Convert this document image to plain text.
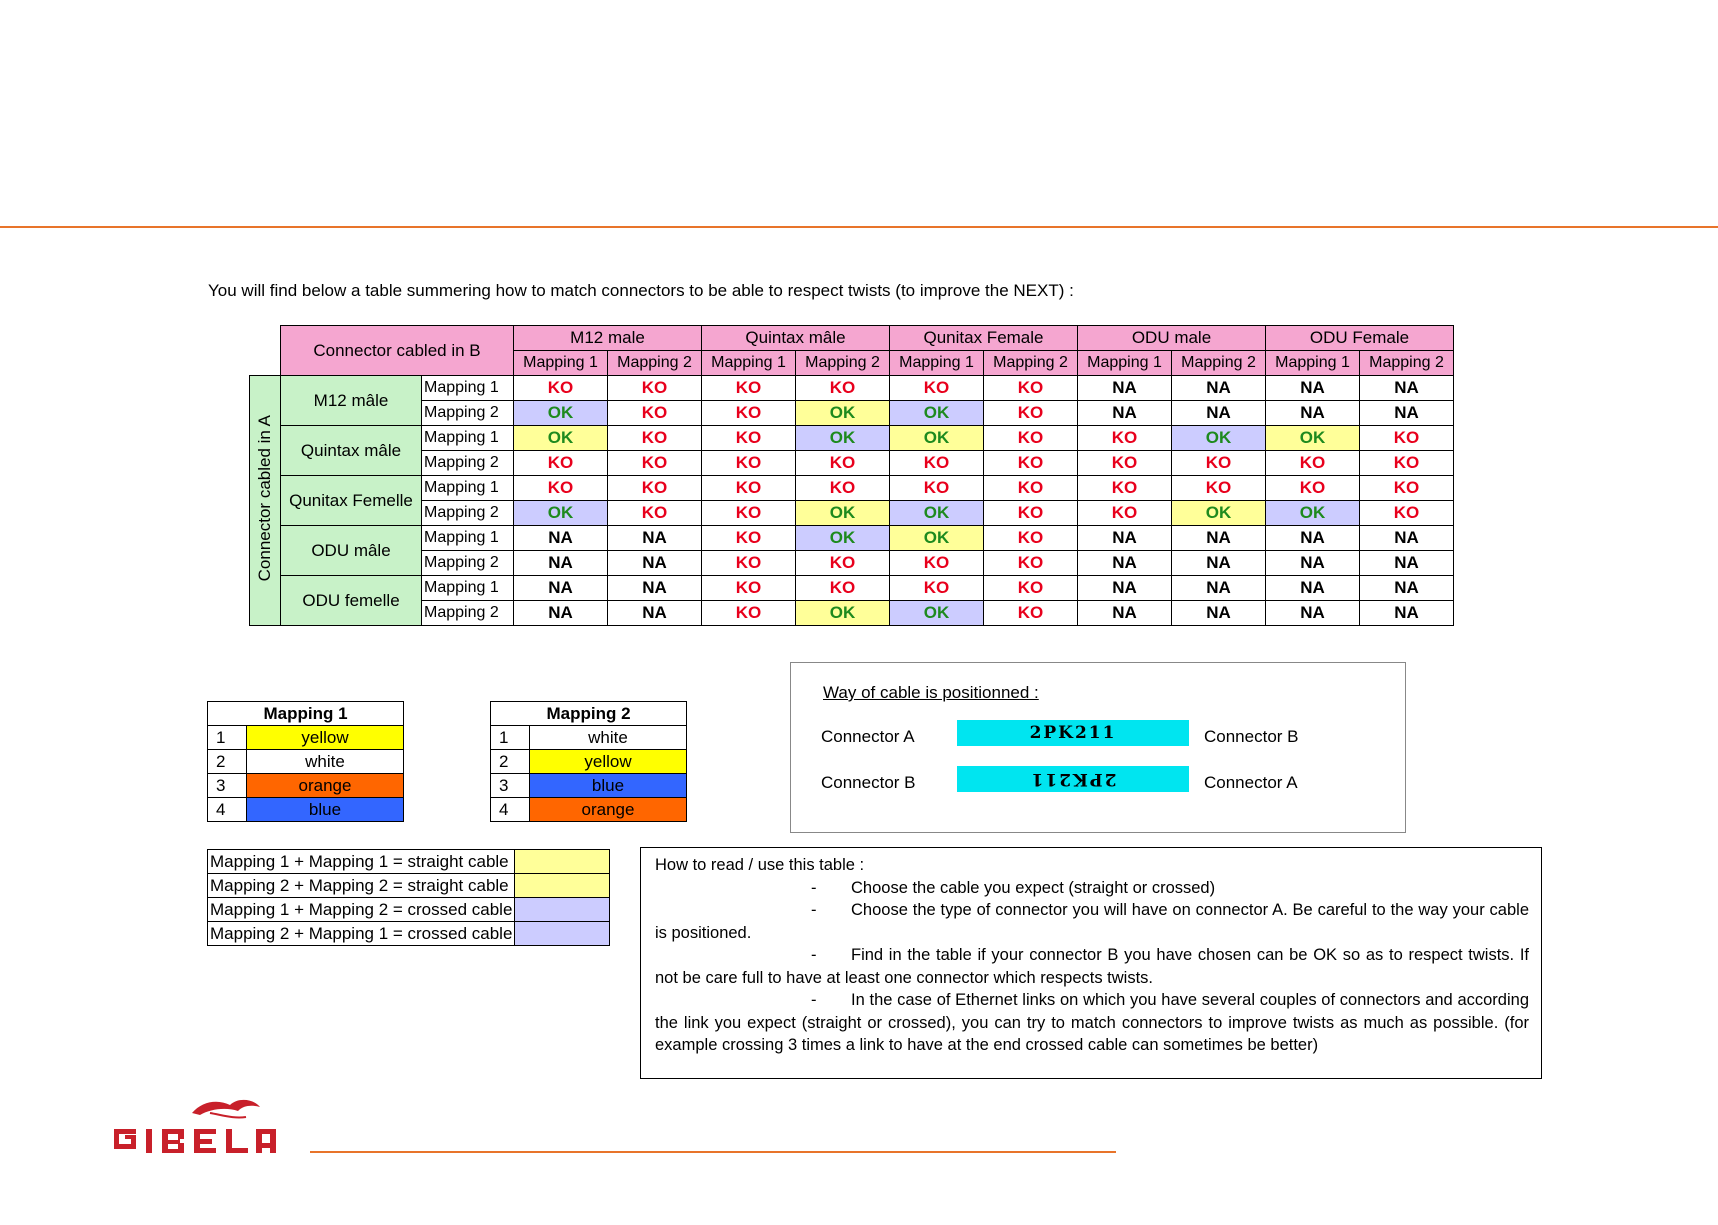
You will find below a table summering how to match connectors to be able to respect twists (to improve the NEXT) :
	Connector cabled in B		M12 male		Quintax mâle		Qunitax Female		ODU male		ODU Female	
			Mapping 1	Mapping 2	Mapping 1	Mapping 2	Mapping 1	Mapping 2	Mapping 1	Mapping 2	Mapping 1	Mapping 2
Connector cabled in A	M12 mâle	Mapping 1	KO	KO	KO	KO	KO	KO	NA	NA	NA	NA
		Mapping 2	OK	KO	KO	OK	OK	KO	NA	NA	NA	NA
	Quintax mâle	Mapping 1	OK	KO	KO	OK	OK	KO	KO	OK	OK	KO
		Mapping 2	KO	KO	KO	KO	KO	KO	KO	KO	KO	KO
	Qunitax Femelle	Mapping 1	KO	KO	KO	KO	KO	KO	KO	KO	KO	KO
		Mapping 2	OK	KO	KO	OK	OK	KO	KO	OK	OK	KO
	ODU mâle	Mapping 1	NA	NA	KO	OK	OK	KO	NA	NA	NA	NA
		Mapping 2	NA	NA	KO	KO	KO	KO	NA	NA	NA	NA
	ODU femelle	Mapping 1	NA	NA	KO	KO	KO	KO	NA	NA	NA	NA
		Mapping 2	NA	NA	KO	OK	OK	KO	NA	NA	NA	NA
Mapping 1	
1	yellow
2	white
3	orange
4	blue
Mapping 2	
1	white
2	yellow
3	blue
4	orange
Way of cable is positionned :
Connector A	2PK211	Connector B
Connector B	2PK211	Connector A
Mapping 1 + Mapping 1 = straight cable	
Mapping 2 + Mapping 2 = straight cable	
Mapping 1 + Mapping 2 = crossed cable	
Mapping 2 + Mapping 1 = crossed cable	

How to read / use this table :

- Choose the cable you expect (straight or crossed)

- Choose the type of connector you will have on connector A. Be careful to the way your cable is positioned.

- Find in the table if your connector B you have chosen can be OK so as to respect twists. If not be care full to have at least one connector which respects twists.

- In the case of Ethernet links on which you have several couples of connectors and according the link you expect (straight or crossed), you can try to match connectors to improve twists as much as possible. (for example crossing 3 times a link to have at the end crossed cable can sometimes be better)

GIBELA
